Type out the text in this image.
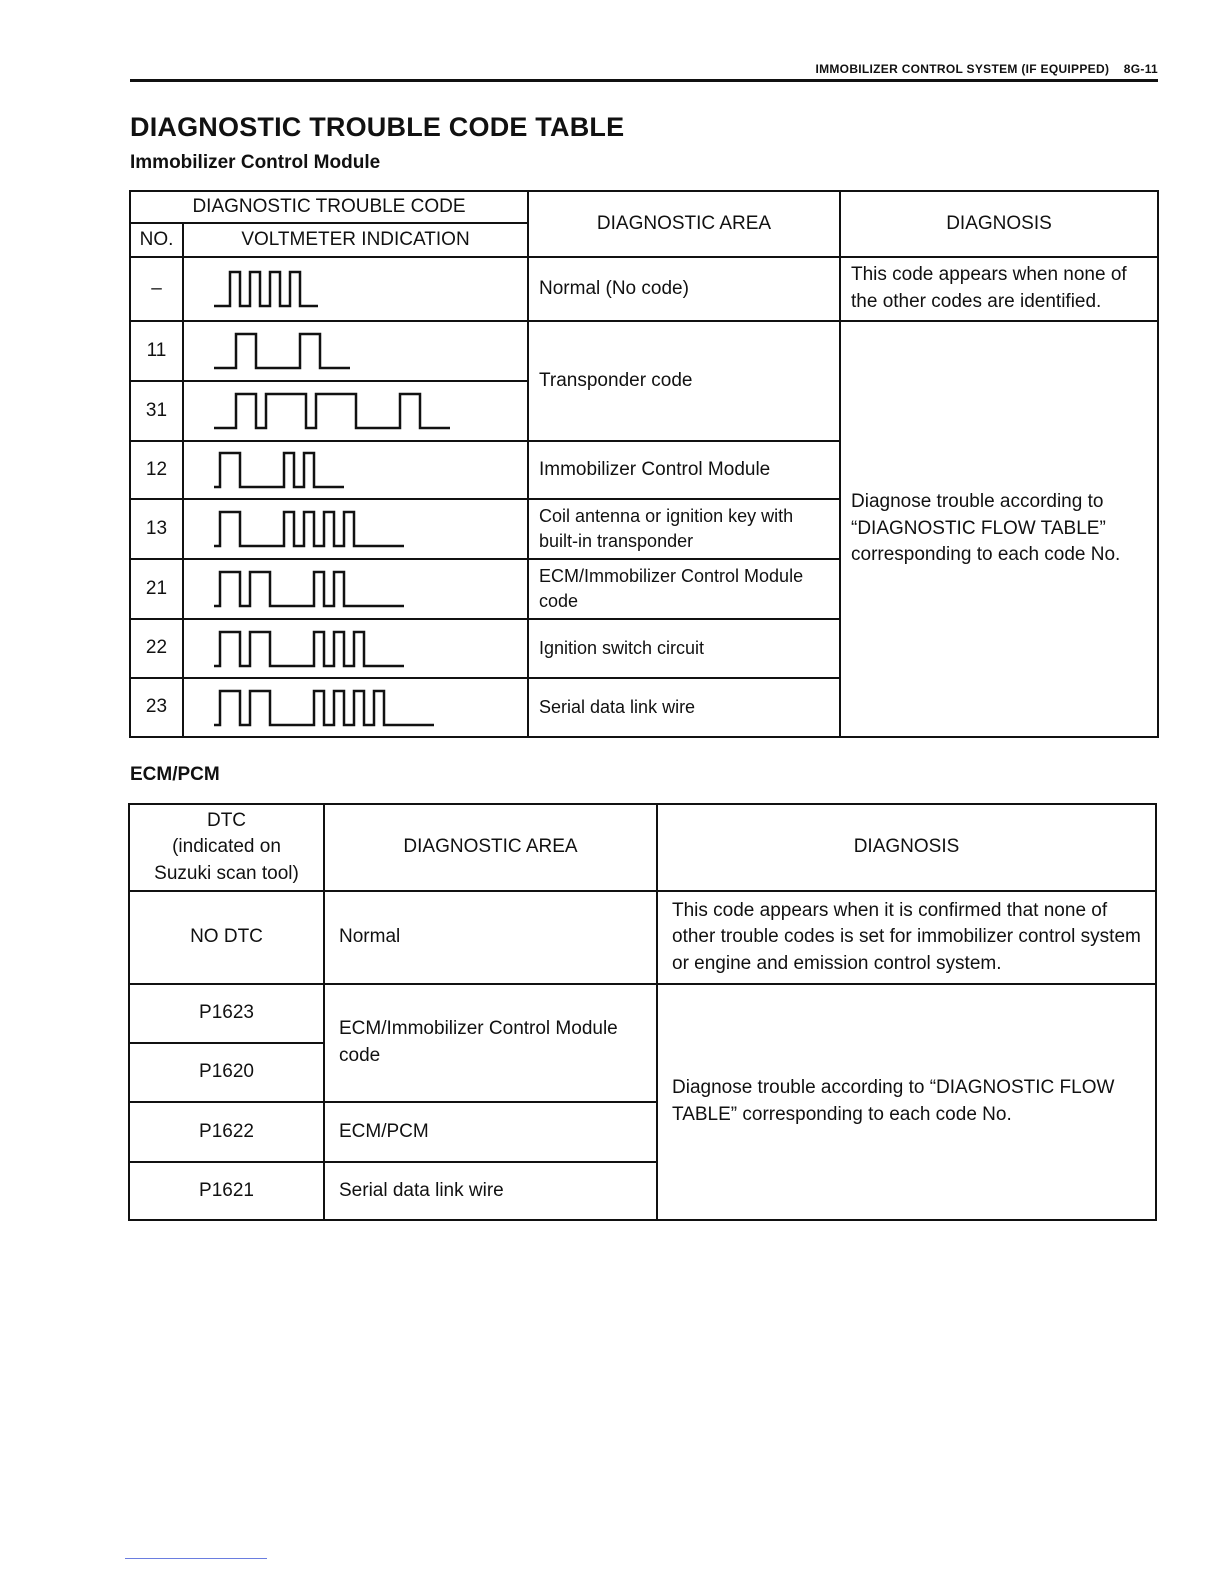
IMMOBILIZER CONTROL SYSTEM (IF EQUIPPED) 8G-11
DIAGNOSTIC TROUBLE CODE TABLE
Immobilizer Control Module
DIAGNOSTIC TROUBLE CODE		DIAGNOSTIC AREA	DIAGNOSIS
NO.	VOLTMETER INDICATION		
–		Normal (No code)	This code appears when none of the other codes are identified.
11		Transponder code	Diagnose trouble according to “DIAGNOSTIC FLOW TABLE” corresponding to each code No.
31	

12		Immobilizer Control Module	
13		Coil antenna or ignition key with built-in transponder	
21		ECM/Immobilizer Control Module code	
22		Ignition switch circuit	
23		Serial data link wire	
ECM/PCM
DTC
(indicated on
Suzuki scan tool)	DIAGNOSTIC AREA	DIAGNOSIS
NO DTC	Normal	This code appears when it is confirmed that none of other trouble codes is set for immobilizer control system or engine and emission control system.
P1623	ECM/Immobilizer Control Module code	Diagnose trouble according to “DIAGNOSTIC FLOW TABLE” corresponding to each code No.
P1620		
P1622	ECM/PCM	
P1621	Serial data link wire	
